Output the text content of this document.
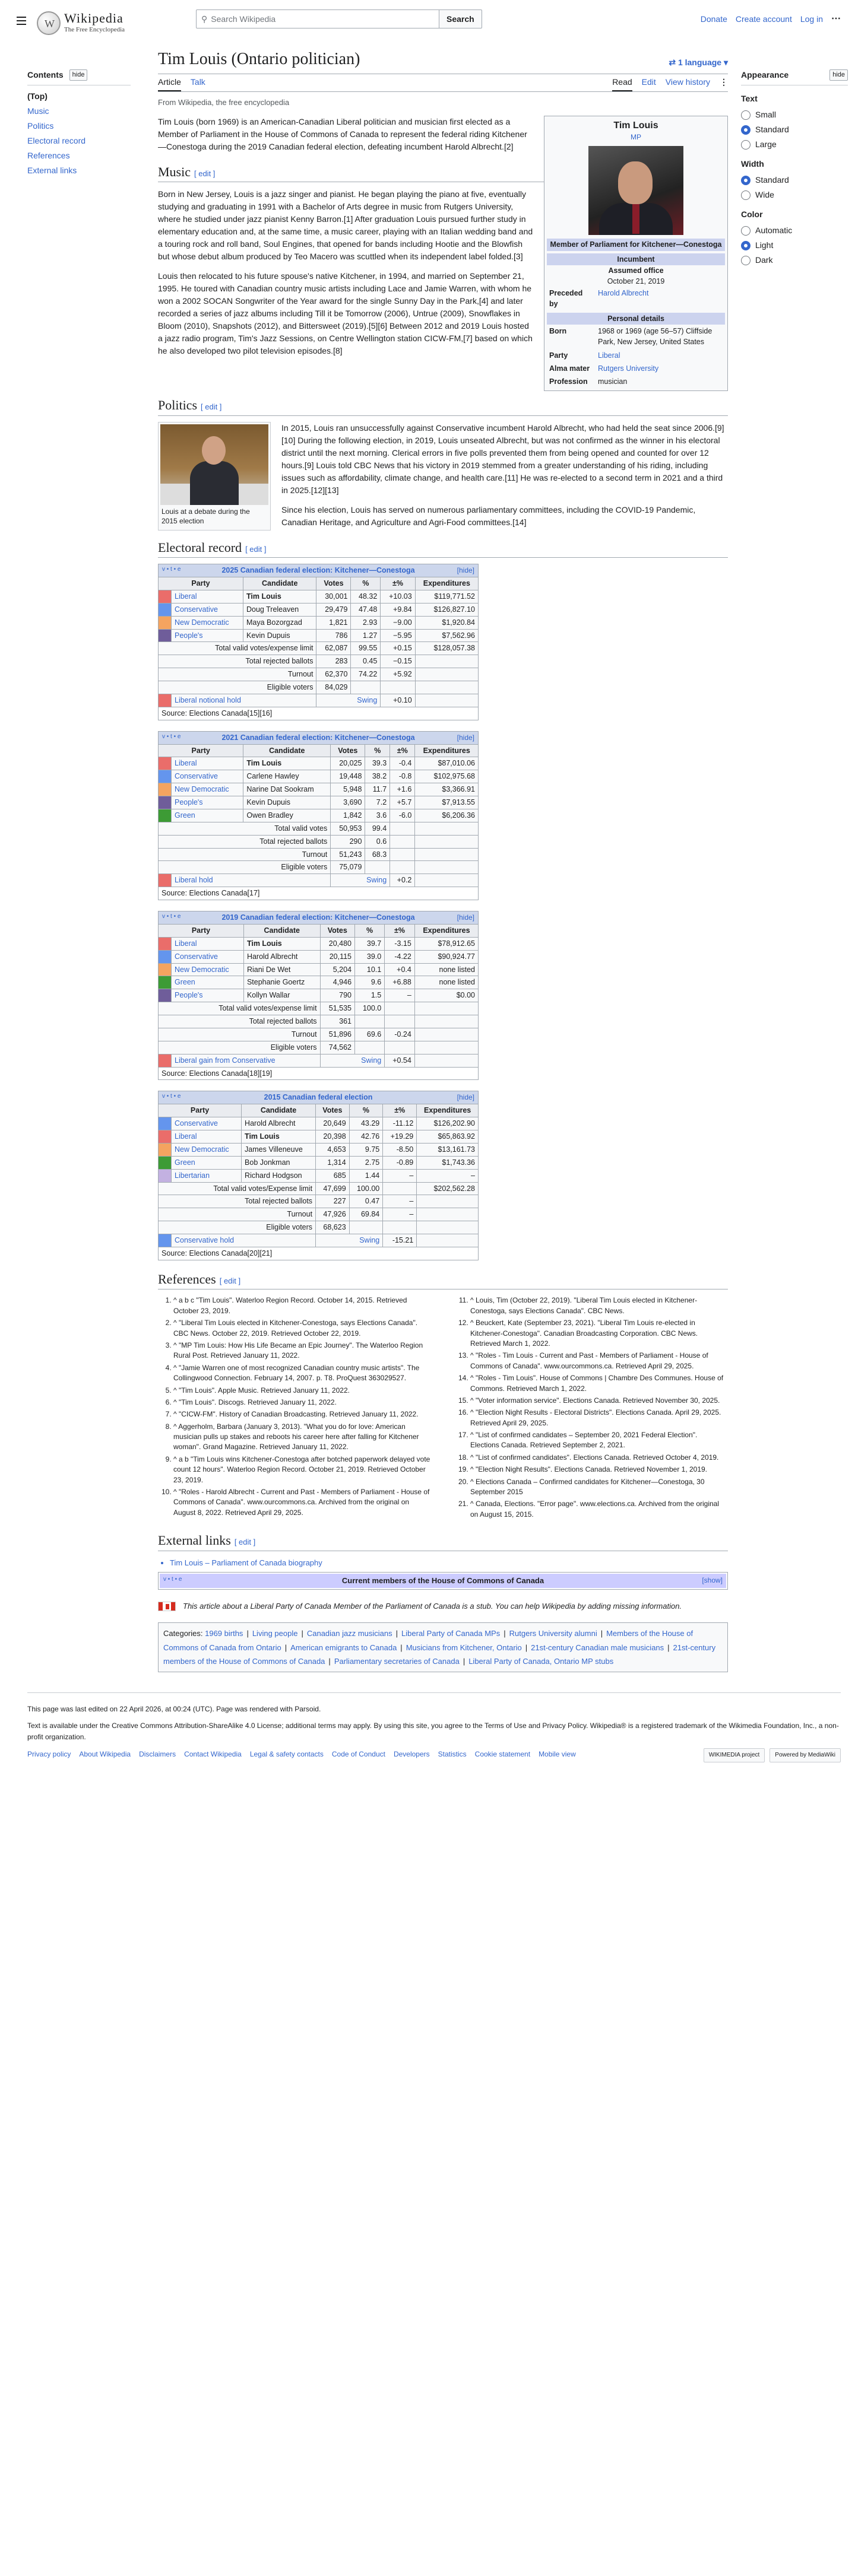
W
Wikipedia
The Free Encyclopedia
⚲ Search Wikipedia	Search	Donate Create account Log in ⋯
Contents	hide
(Top)
Music
Politics
Electoral record
References
External links
Tim Louis (Ontario politician)	⇄ 1 language ▾
Article Talk	Read Edit View history ⋮
From Wikipedia, the free encyclopedia
Tim Louis
MP
Member of Parliament for Kitchener—Conestoga
Incumbent
Assumed office
October 21, 2019
Preceded by	Harold Albrecht
Personal details
Born	1968 or 1969 (age 56–57) Cliffside Park, New Jersey, United States
Party	Liberal
Alma mater	Rutgers University
Profession	musician

Tim Louis (born 1969) is an American-Canadian Liberal politician and musician first elected as a Member of Parliament in the House of Commons of Canada to represent the federal riding Kitchener—Conestoga during the 2019 Canadian federal election, defeating incumbent Harold Albrecht.[2]

Music [ edit ]

Born in New Jersey, Louis is a jazz singer and pianist. He began playing the piano at five, eventually studying and graduating in 1991 with a Bachelor of Arts degree in music from Rutgers University, where he studied under jazz pianist Kenny Barron.[1] After graduation Louis pursued further study in elementary education and, at the same time, a music career, playing with an Italian wedding band and a touring rock and roll band, Soul Engines, that opened for bands including Hootie and the Blowfish but whose debut album produced by Teo Macero was scuttled when its independent label folded.[3]

Louis then relocated to his future spouse's native Kitchener, in 1994, and married on September 21, 1995. He toured with Canadian country music artists including Lace and Jamie Warren, with whom he won a 2002 SOCAN Songwriter of the Year award for the single Sunny Day in the Park,[4] and later recorded a series of jazz albums including Till it be Tomorrow (2006), Untrue (2009), Snowflakes in Bloom (2010), Snapshots (2012), and Bittersweet (2019).[5][6] Between 2012 and 2019 Louis hosted a jazz radio program, Tim's Jazz Sessions, on Centre Wellington station CICW-FM,[7] based on which he also developed two pilot television episodes.[8]

Politics [ edit ]
Louis at a debate during the 2015 election

In 2015, Louis ran unsuccessfully against Conservative incumbent Harold Albrecht, who had held the seat since 2006.[9][10] During the following election, in 2019, Louis unseated Albrecht, but was not confirmed as the winner in his electoral district until the next morning. Clerical errors in five polls prevented them from being opened and counted for over 12 hours.[9] Louis told CBC News that his victory in 2019 stemmed from a greater understanding of his riding, including issues such as affordability, climate change, and health care.[11] He was re-elected to a second term in 2021 and a third in 2025.[12][13]

Since his election, Louis has served on numerous parliamentary committees, including the COVID-19 Pandemic, Canadian Heritage, and Agriculture and Agri-Food committees.[14]

Electoral record [ edit ]
v • t • e 2025 Canadian federal election: Kitchener—Conestoga [hide]						

Party		Candidate	Votes	%	±%	Expenditures
	Liberal	Tim Louis	30,001	48.32	+10.03	$119,771.52
	Conservative	Doug Treleaven	29,479	47.48	+9.84	$126,827.10
	New Democratic	Maya Bozorgzad	1,821	2.93	−9.00	$1,920.84
	People's	Kevin Dupuis	786	1.27	−5.95	$7,562.96
Total valid votes/expense limit			62,087	99.55	+0.15	$128,057.38
Total rejected ballots			283	0.45	−0.15	
Turnout			62,370	74.22	+5.92	
Eligible voters			84,029			
	Liberal notional hold		Swing		+0.10	
Source: Elections Canada[15][16]						
v • t • e 2021 Canadian federal election: Kitchener—Conestoga [hide]						

Party		Candidate	Votes	%	±%	Expenditures
	Liberal	Tim Louis	20,025	39.3	-0.4	$87,010.06
	Conservative	Carlene Hawley	19,448	38.2	-0.8	$102,975.68
	New Democratic	Narine Dat Sookram	5,948	11.7	+1.6	$3,366.91
	People's	Kevin Dupuis	3,690	7.2	+5.7	$7,913.55
	Green	Owen Bradley	1,842	3.6	-6.0	$6,206.36
Total valid votes			50,953	99.4		
Total rejected ballots			290	0.6		
Turnout			51,243	68.3		
Eligible voters			75,079			
	Liberal hold		Swing		+0.2	
Source: Elections Canada[17]						
v • t • e 2019 Canadian federal election: Kitchener—Conestoga [hide]						

Party		Candidate	Votes	%	±%	Expenditures
	Liberal	Tim Louis	20,480	39.7	-3.15	$78,912.65
	Conservative	Harold Albrecht	20,115	39.0	-4.22	$90,924.77
	New Democratic	Riani De Wet	5,204	10.1	+0.4	none listed
	Green	Stephanie Goertz	4,946	9.6	+6.88	none listed
	People's	Kollyn Wallar	790	1.5	–	$0.00
Total valid votes/expense limit			51,535	100.0		
Total rejected ballots			361			
Turnout			51,896	69.6	-0.24	
Eligible voters			74,562			
	Liberal gain from Conservative		Swing		+0.54	
Source: Elections Canada[18][19]						
v • t • e 2015 Canadian federal election [hide]						

Party		Candidate	Votes	%	±%	Expenditures
	Conservative	Harold Albrecht	20,649	43.29	-11.12	$126,202.90
	Liberal	Tim Louis	20,398	42.76	+19.29	$65,863.92
	New Democratic	James Villeneuve	4,653	9.75	-8.50	$13,161.73
	Green	Bob Jonkman	1,314	2.75	-0.89	$1,743.36
	Libertarian	Richard Hodgson	685	1.44	–	–
Total valid votes/Expense limit			47,699	100.00		$202,562.28
Total rejected ballots			227	0.47	–	
Turnout			47,926	69.84	–	
Eligible voters			68,623			
	Conservative hold		Swing		-15.21	
Source: Elections Canada[20][21]						
References [ edit ]
1. ^ a b c "Tim Louis". Waterloo Region Record. October 14, 2015. Retrieved October 23, 2019.
2. ^ "Liberal Tim Louis elected in Kitchener-Conestoga, says Elections Canada". CBC News. October 22, 2019. Retrieved October 22, 2019.
3. ^ "MP Tim Louis: How His Life Became an Epic Journey". The Waterloo Region Rural Post. Retrieved January 11, 2022.
4. ^ "Jamie Warren one of most recognized Canadian country music artists". The Collingwood Connection. February 14, 2007. p. T8. ProQuest 363029527.
5. ^ "Tim Louis". Apple Music. Retrieved January 11, 2022.
6. ^ "Tim Louis". Discogs. Retrieved January 11, 2022.
7. ^ "CICW-FM". History of Canadian Broadcasting. Retrieved January 11, 2022.
8. ^ Aggerholm, Barbara (January 3, 2013). "What you do for love: American musician pulls up stakes and reboots his career here after falling for Kitchener woman". Grand Magazine. Retrieved January 11, 2022.
9. ^ a b "Tim Louis wins Kitchener-Conestoga after botched paperwork delayed vote count 12 hours". Waterloo Region Record. October 21, 2019. Retrieved October 23, 2019.
10. ^ "Roles - Harold Albrecht - Current and Past - Members of Parliament - House of Commons of Canada". www.ourcommons.ca. Archived from the original on August 8, 2022. Retrieved April 29, 2025.
11. ^ Louis, Tim (October 22, 2019). "Liberal Tim Louis elected in Kitchener-Conestoga, says Elections Canada". CBC News.
12. ^ Beuckert, Kate (September 23, 2021). "Liberal Tim Louis re-elected in Kitchener-Conestoga". Canadian Broadcasting Corporation. CBC News. Retrieved March 1, 2022.
13. ^ "Roles - Tim Louis - Current and Past - Members of Parliament - House of Commons of Canada". www.ourcommons.ca. Retrieved April 29, 2025.
14. ^ "Roles - Tim Louis". House of Commons | Chambre Des Communes. House of Commons. Retrieved March 1, 2022.
15. ^ "Voter information service". Elections Canada. Retrieved November 30, 2025.
16. ^ "Election Night Results - Electoral Districts". Elections Canada. April 29, 2025. Retrieved April 29, 2025.
17. ^ "List of confirmed candidates – September 20, 2021 Federal Election". Elections Canada. Retrieved September 2, 2021.
18. ^ "List of confirmed candidates". Elections Canada. Retrieved October 4, 2019.
19. ^ "Election Night Results". Elections Canada. Retrieved November 1, 2019.
20. ^ Elections Canada – Confirmed candidates for Kitchener—Conestoga, 30 September 2015
21. ^ Canada, Elections. "Error page". www.elections.ca. Archived from the original on August 15, 2015.
External links [ edit ]
• Tim Louis – Parliament of Canada biography
v • t • e	Current members of the House of Commons of Canada	[show]
This article about a Liberal Party of Canada Member of the Parliament of Canada is a stub. You can help Wikipedia by adding missing information.
Categories: 1969 births | Living people | Canadian jazz musicians | Liberal Party of Canada MPs | Rutgers University alumni | Members of the House of Commons of Canada from Ontario | American emigrants to Canada | Musicians from Kitchener, Ontario | 21st-century Canadian male musicians | 21st-century members of the House of Commons of Canada | Parliamentary secretaries of Canada | Liberal Party of Canada, Ontario MP stubs
Appearance	hide
Text
Small
Standard
Large
Width
Standard
Wide
Color
Automatic
Light
Dark
This page was last edited on 22 April 2026, at 00:24 (UTC). Page was rendered with Parsoid.
Text is available under the Creative Commons Attribution-ShareAlike 4.0 License; additional terms may apply. By using this site, you agree to the Terms of Use and Privacy Policy. Wikipedia® is a registered trademark of the Wikimedia Foundation, Inc., a non-profit organization.
Privacy policy About Wikipedia Disclaimers Contact Wikipedia Legal & safety contacts Code of Conduct Developers Statistics Cookie statement Mobile view	WIKIMEDIA project	Powered by MediaWiki
